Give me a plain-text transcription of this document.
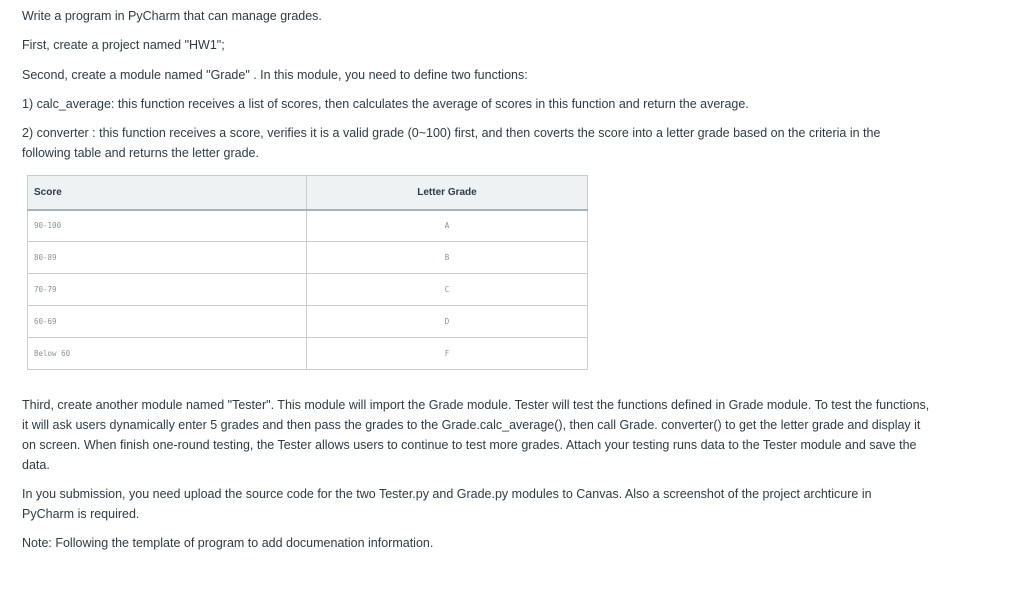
Write a program in PyCharm that can manage grades.

First, create a project named "HW1";

Second, create a module named "Grade" . In this module, you need to define two functions:

1) calc_average: this function receives a list of scores, then calculates the average of scores in this function and return the average.

2) converter : this function receives a score, verifies it is a valid grade (0~100) first, and then coverts the score into a letter grade based on the criteria in the following table and returns the letter grade.

Score	Letter Grade
90-100	A
80-89	B
70-79	C
60-69	D
Below 60	F

Third, create another module named "Tester". This module will import the Grade module. Tester will test the functions defined in Grade module. To test the functions, it will ask users dynamically enter 5 grades and then pass the grades to the Grade.calc_average(), then call Grade. converter() to get the letter grade and display it on screen. When finish one-round testing, the Tester allows users to continue to test more grades. Attach your testing runs data to the Tester module and save the data.

In you submission, you need upload the source code for the two Tester.py and Grade.py modules to Canvas. Also a screenshot of the project archticure in PyCharm is required.

Note: Following the template of program to add documenation information.
